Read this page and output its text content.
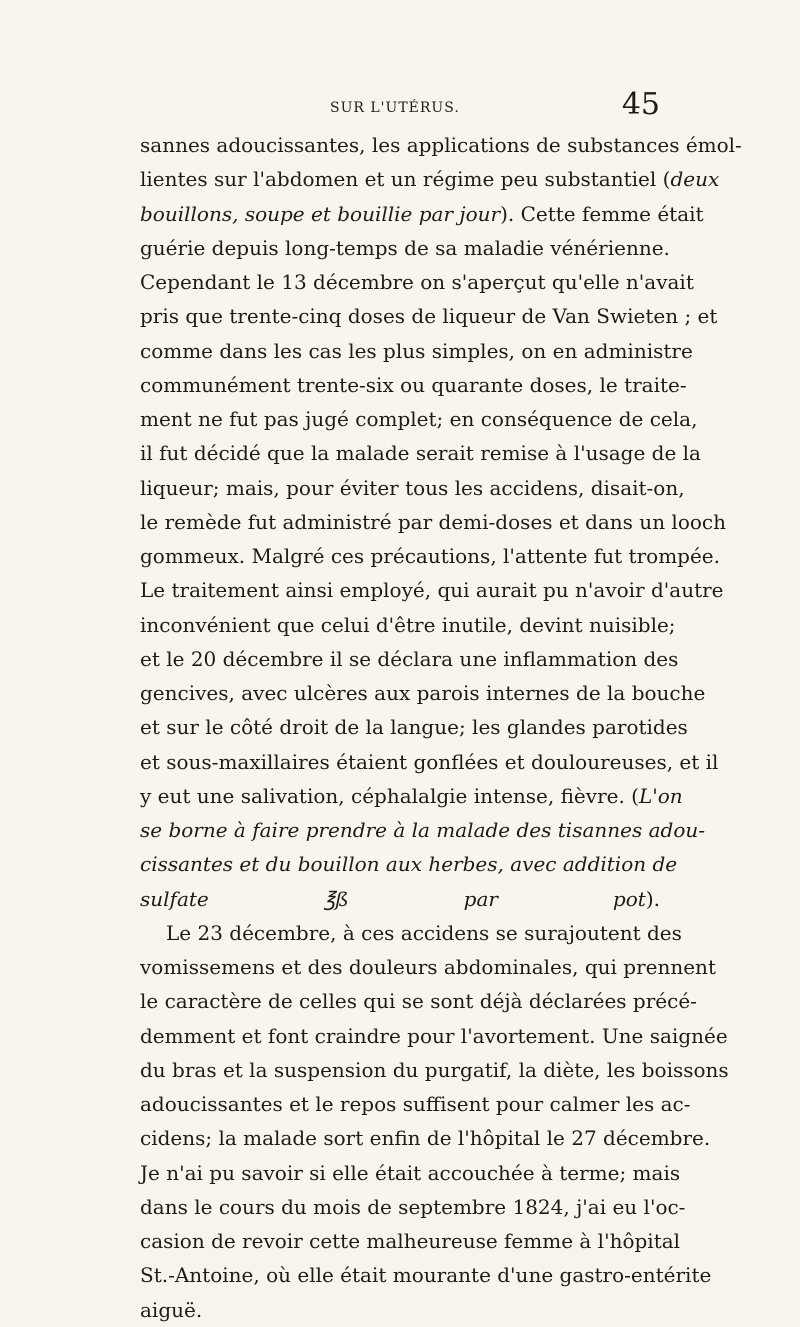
SUR L'UTÉRUS.	45
sannes adoucissantes, les applications de substances émol-
lientes sur l'abdomen et un régime peu substantiel (deux
bouillons, soupe et bouillie par jour). Cette femme était
guérie depuis long-temps de sa maladie vénérienne.
Cependant le 13 décembre on s'aperçut qu'elle n'avait
pris que trente-cinq doses de liqueur de Van Swieten ; et
comme dans les cas les plus simples, on en administre
communément trente-six ou quarante doses, le traite-
ment ne fut pas jugé complet; en conséquence de cela,
il fut décidé que la malade serait remise à l'usage de la
liqueur; mais, pour éviter tous les accidens, disait-on,
le remède fut administré par demi-doses et dans un looch
gommeux. Malgré ces précautions, l'attente fut trompée.
Le traitement ainsi employé, qui aurait pu n'avoir d'autre
inconvénient que celui d'être inutile, devint nuisible;
et le 20 décembre il se déclara une inflammation des
gencives, avec ulcères aux parois internes de la bouche
et sur le côté droit de la langue; les glandes parotides
et sous-maxillaires étaient gonflées et douloureuses, et il
y eut une salivation, céphalalgie intense, fièvre. (L'on
se borne à faire prendre à la malade des tisannes adou-
cissantes et du bouillon aux herbes, avec addition de
sulfate ℥ß par pot).
Le 23 décembre, à ces accidens se surajoutent des
vomissemens et des douleurs abdominales, qui prennent
le caractère de celles qui se sont déjà déclarées précé-
demment et font craindre pour l'avortement. Une saignée
du bras et la suspension du purgatif, la diète, les boissons
adoucissantes et le repos suffisent pour calmer les ac-
cidens; la malade sort enfin de l'hôpital le 27 décembre.
Je n'ai pu savoir si elle était accouchée à terme; mais
dans le cours du mois de septembre 1824, j'ai eu l'oc-
casion de revoir cette malheureuse femme à l'hôpital
St.-Antoine, où elle était mourante d'une gastro-entérite
aiguë.
